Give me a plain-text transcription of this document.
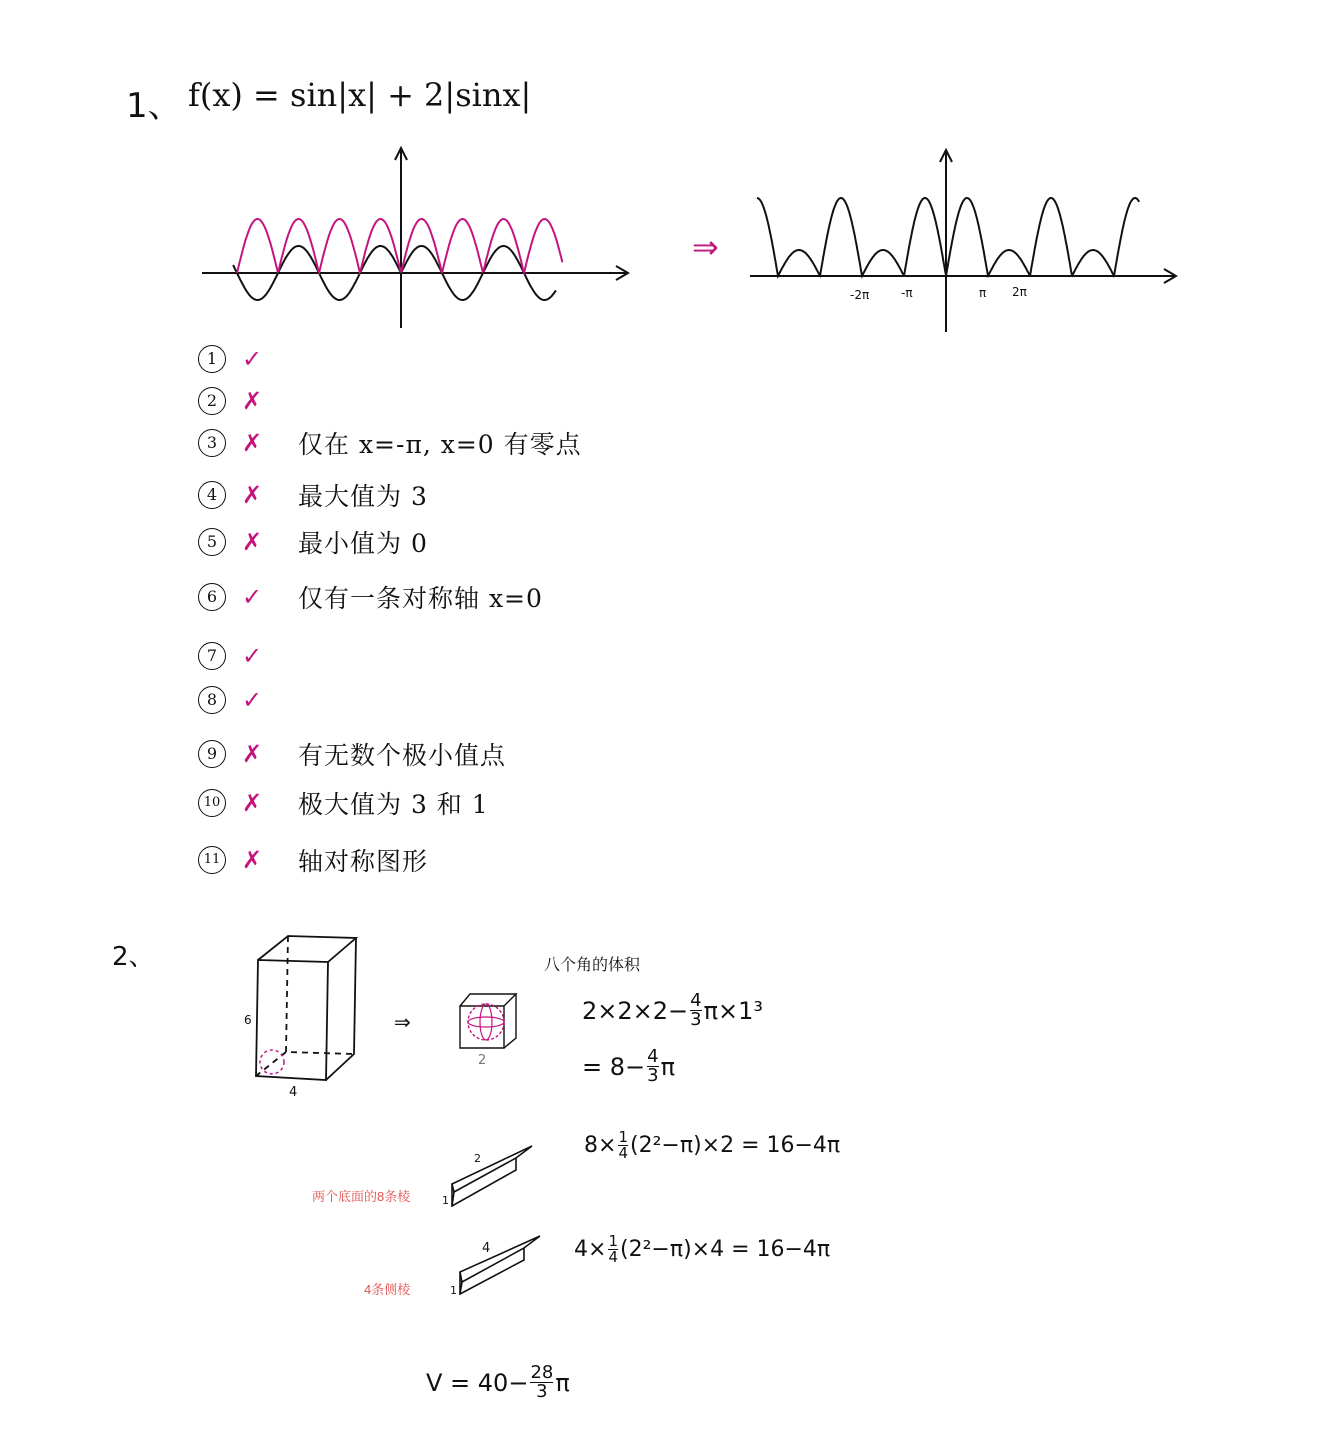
1、 f(x) = sin|x| + 2|sinx|
⇒
-2π	-π	π 2π
1	✓
2	✗
3	✗	仅在 x=-π, x=0 有零点
4	✗	最大值为 3
5	✗	最小值为 0
6	✓	仅有一条对称轴 x=0
7	✓
8	✓
9	✗	有无数个极小值点
10 ✗	极大值为 3 和 1
11 ✗	轴对称图形
2、
6
4
⇒
2
八个角的体积
$2\times 2\times 2- \frac{4}{3} \pi\times 1^3$
= $8- \frac{4}{3}$ π
2
1
两个底面的8条棱
$8\times \frac{1}{4} (2^2-\pi)\times 2 = 16-4\pi$
4
1
4条侧棱
$4\times \frac{1}{4} (2^2-\pi)\times 4 = 16-4\pi$
$V = 40- \frac{28}{3}$ π
